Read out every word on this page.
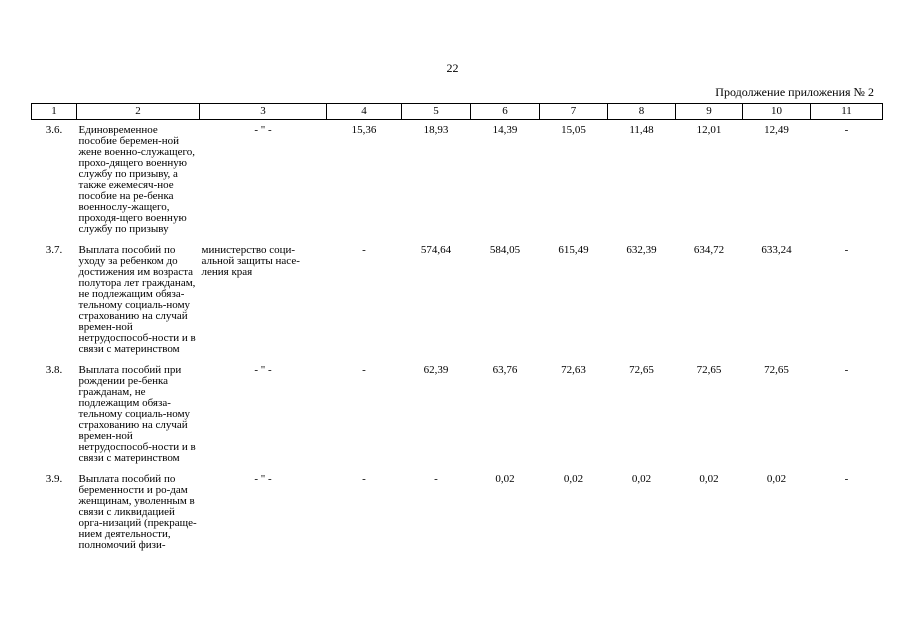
22
Продолжение приложения № 2
1	2	3	4	5	6	7	8	9	10	11
3.6.	Единовременное пособие беремен-ной жене военно-служащего, прохо-дящего военную службу по призыву, а также ежемесяч-ное пособие на ре-бенка военнослу-жащего, проходя-щего военную службу по призыву	- " -	15,36	18,93	14,39	15,05	11,48	12,01	12,49	-
3.7.	Выплата пособий по уходу за ребенком до достижения им возраста полутора лет гражданам, не подлежащим обяза-тельному социаль-ному страхованию на случай времен-ной нетрудоспособ-ности и в связи с материнством	министерство соци-альной защиты насе-ления края	-	574,64	584,05	615,49	632,39	634,72	633,24	-
3.8.	Выплата пособий при рождении ре-бенка гражданам, не подлежащим обяза-тельному социаль-ному страхованию на случай времен-ной нетрудоспособ-ности и в связи с материнством	- " -	-	62,39	63,76	72,63	72,65	72,65	72,65	-
3.9.	Выплата пособий по беременности и ро-дам женщинам, уволенным в связи с ликвидацией орга-низаций (прекраще-нием деятельности, полномочий физи-	- " -	-	-	0,02	0,02	0,02	0,02	0,02	-
